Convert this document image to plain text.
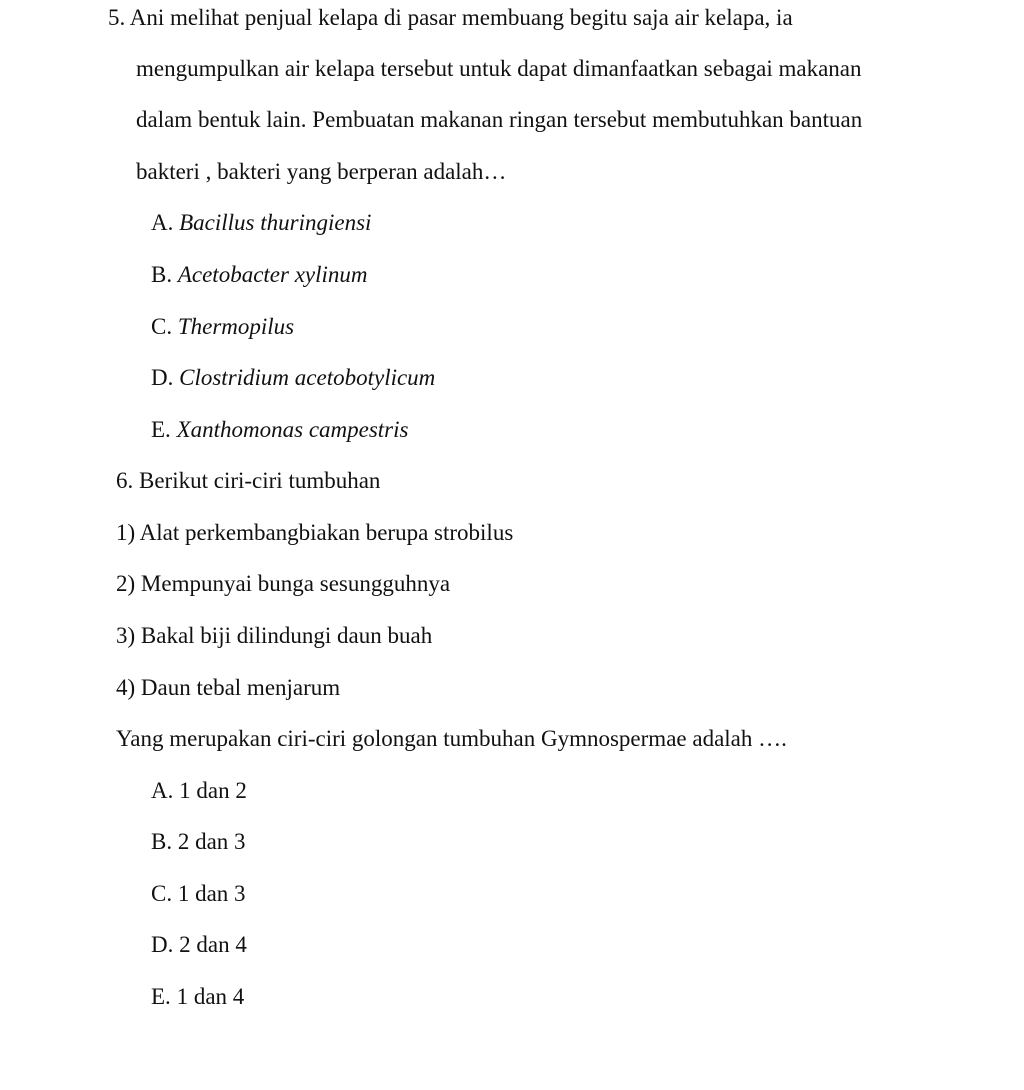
5. Ani melihat penjual kelapa di pasar membuang begitu saja air kelapa, ia
mengumpulkan air kelapa tersebut untuk dapat dimanfaatkan sebagai makanan
dalam bentuk lain. Pembuatan makanan ringan tersebut membutuhkan bantuan
bakteri , bakteri yang berperan adalah…
A. Bacillus thuringiensi
B. Acetobacter xylinum
C. Thermopilus
D. Clostridium acetobotylicum
E. Xanthomonas campestris
6. Berikut ciri-ciri tumbuhan
1) Alat perkembangbiakan berupa strobilus
2) Mempunyai bunga sesungguhnya
3) Bakal biji dilindungi daun buah
4) Daun tebal menjarum
Yang merupakan ciri-ciri golongan tumbuhan Gymnospermae adalah ….
A. 1 dan 2
B. 2 dan 3
C. 1 dan 3
D. 2 dan 4
E. 1 dan 4
